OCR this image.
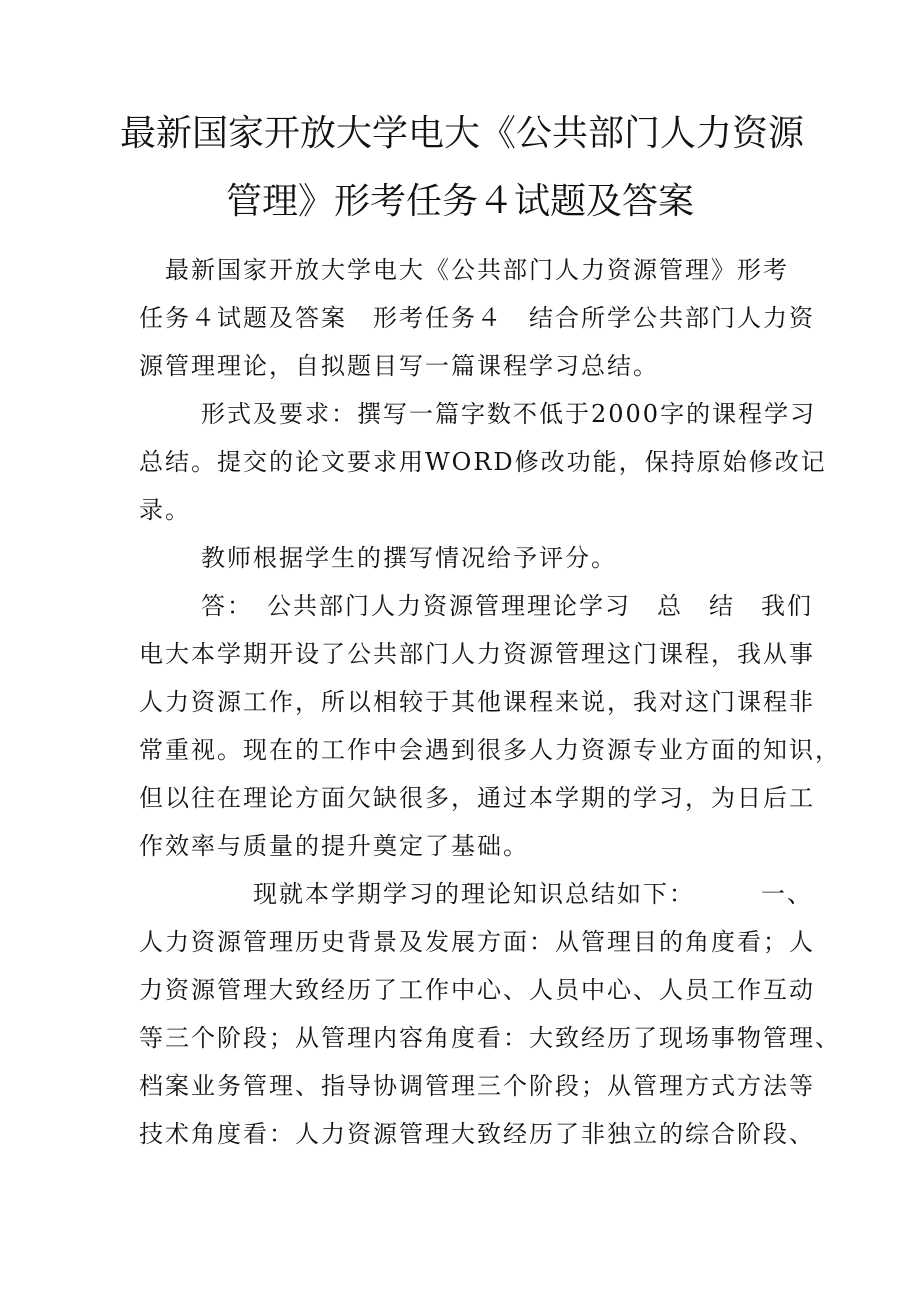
最新国家开放大学电大《公共部门人力资源
管理》形考任务４试题及答案
　最新国家开放大学电大《公共部门人力资源管理》形考
任务４试题及答案　形考任务４　结合所学公共部门人力资
源管理理论，自拟题目写一篇课程学习总结。
　形式及要求：撰写一篇字数不低于2000字的课程学习
总结。提交的论文要求用WORD修改功能，保持原始修改记
录。
　教师根据学生的撰写情况给予评分。
　答：　公共部门人力资源管理理论学习　总　结　我们
电大本学期开设了公共部门人力资源管理这门课程，我从事
人力资源工作，所以相较于其他课程来说，我对这门课程非
常重视。现在的工作中会遇到很多人力资源专业方面的知识，
但以往在理论方面欠缺很多，通过本学期的学习，为日后工
作效率与质量的提升奠定了基础。
　　　现就本学期学习的理论知识总结如下：　　　一、
人力资源管理历史背景及发展方面：从管理目的角度看；人
力资源管理大致经历了工作中心、人员中心、人员工作互动
等三个阶段；从管理内容角度看：大致经历了现场事物管理、
档案业务管理、指导协调管理三个阶段；从管理方式方法等
技术角度看：人力资源管理大致经历了非独立的综合阶段、
